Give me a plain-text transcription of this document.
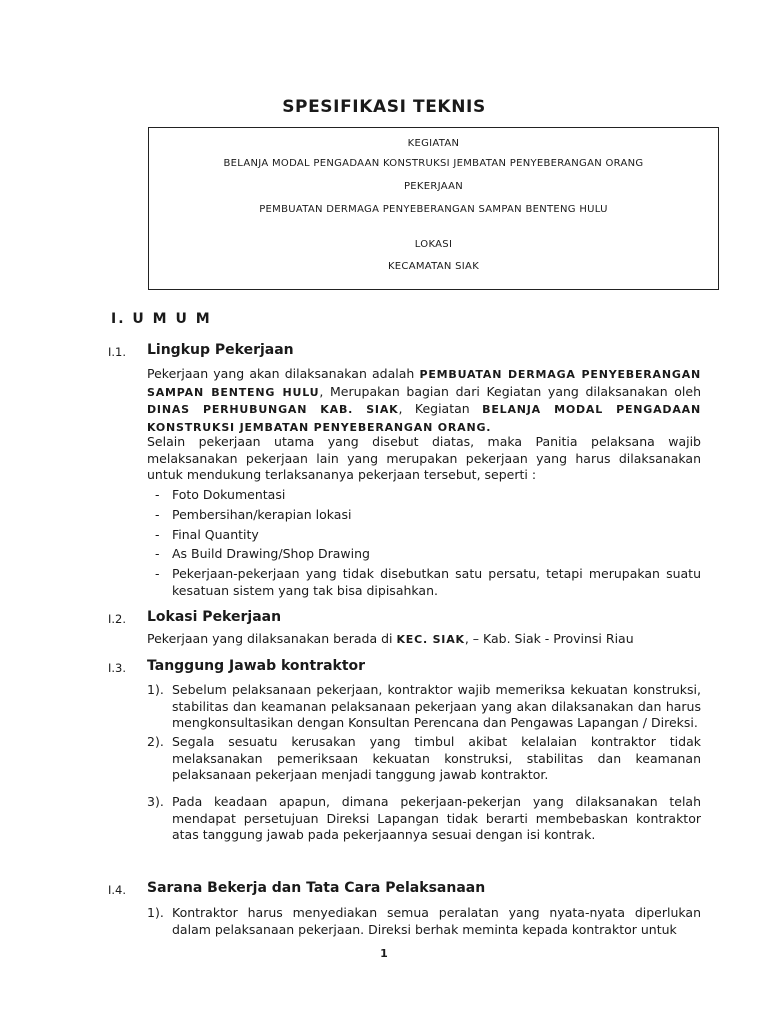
SPESIFIKASI TEKNIS
KEGIATAN
BELANJA MODAL PENGADAAN KONSTRUKSI JEMBATAN PENYEBERANGAN ORANG
PEKERJAAN
PEMBUATAN DERMAGA PENYEBERANGAN SAMPAN BENTENG HULU
LOKASI
KECAMATAN SIAK
I. U M U M
I.1. Lingkup Pekerjaan
Pekerjaan yang akan dilaksanakan adalah PEMBUATAN DERMAGA PENYEBERANGAN SAMPAN BENTENG HULU, Merupakan bagian dari Kegiatan yang dilaksanakan oleh DINAS PERHUBUNGAN KAB. SIAK, Kegiatan BELANJA MODAL PENGADAAN KONSTRUKSI JEMBATAN PENYEBERANGAN ORANG.
Selain pekerjaan utama yang disebut diatas, maka Panitia pelaksana wajib melaksanakan pekerjaan lain yang merupakan pekerjaan yang harus dilaksanakan untuk mendukung terlaksananya pekerjaan tersebut, seperti :
- Foto Dokumentasi
- Pembersihan/kerapian lokasi
- Final Quantity
- As Build Drawing/Shop Drawing
- Pekerjaan-pekerjaan yang tidak disebutkan satu persatu, tetapi merupakan suatu kesatuan sistem yang tak bisa dipisahkan.
I.2. Lokasi Pekerjaan
Pekerjaan yang dilaksanakan berada di KEC. SIAK, – Kab. Siak - Provinsi Riau
I.3. Tanggung Jawab kontraktor
1). Sebelum pelaksanaan pekerjaan, kontraktor wajib memeriksa kekuatan konstruksi, stabilitas dan keamanan pelaksanaan pekerjaan yang akan dilaksanakan dan harus mengkonsultasikan dengan Konsultan Perencana dan Pengawas Lapangan / Direksi.
2). Segala sesuatu kerusakan yang timbul akibat kelalaian kontraktor tidak melaksanakan pemeriksaan kekuatan konstruksi, stabilitas dan keamanan pelaksanaan pekerjaan menjadi tanggung jawab kontraktor.
3). Pada keadaan apapun, dimana pekerjaan-pekerjan yang dilaksanakan telah mendapat persetujuan Direksi Lapangan tidak berarti membebaskan kontraktor atas tanggung jawab pada pekerjaannya sesuai dengan isi kontrak.
I.4. Sarana Bekerja dan Tata Cara Pelaksanaan
1). Kontraktor harus menyediakan semua peralatan yang nyata-nyata diperlukan dalam pelaksanaan pekerjaan. Direksi berhak meminta kepada kontraktor untuk
1
